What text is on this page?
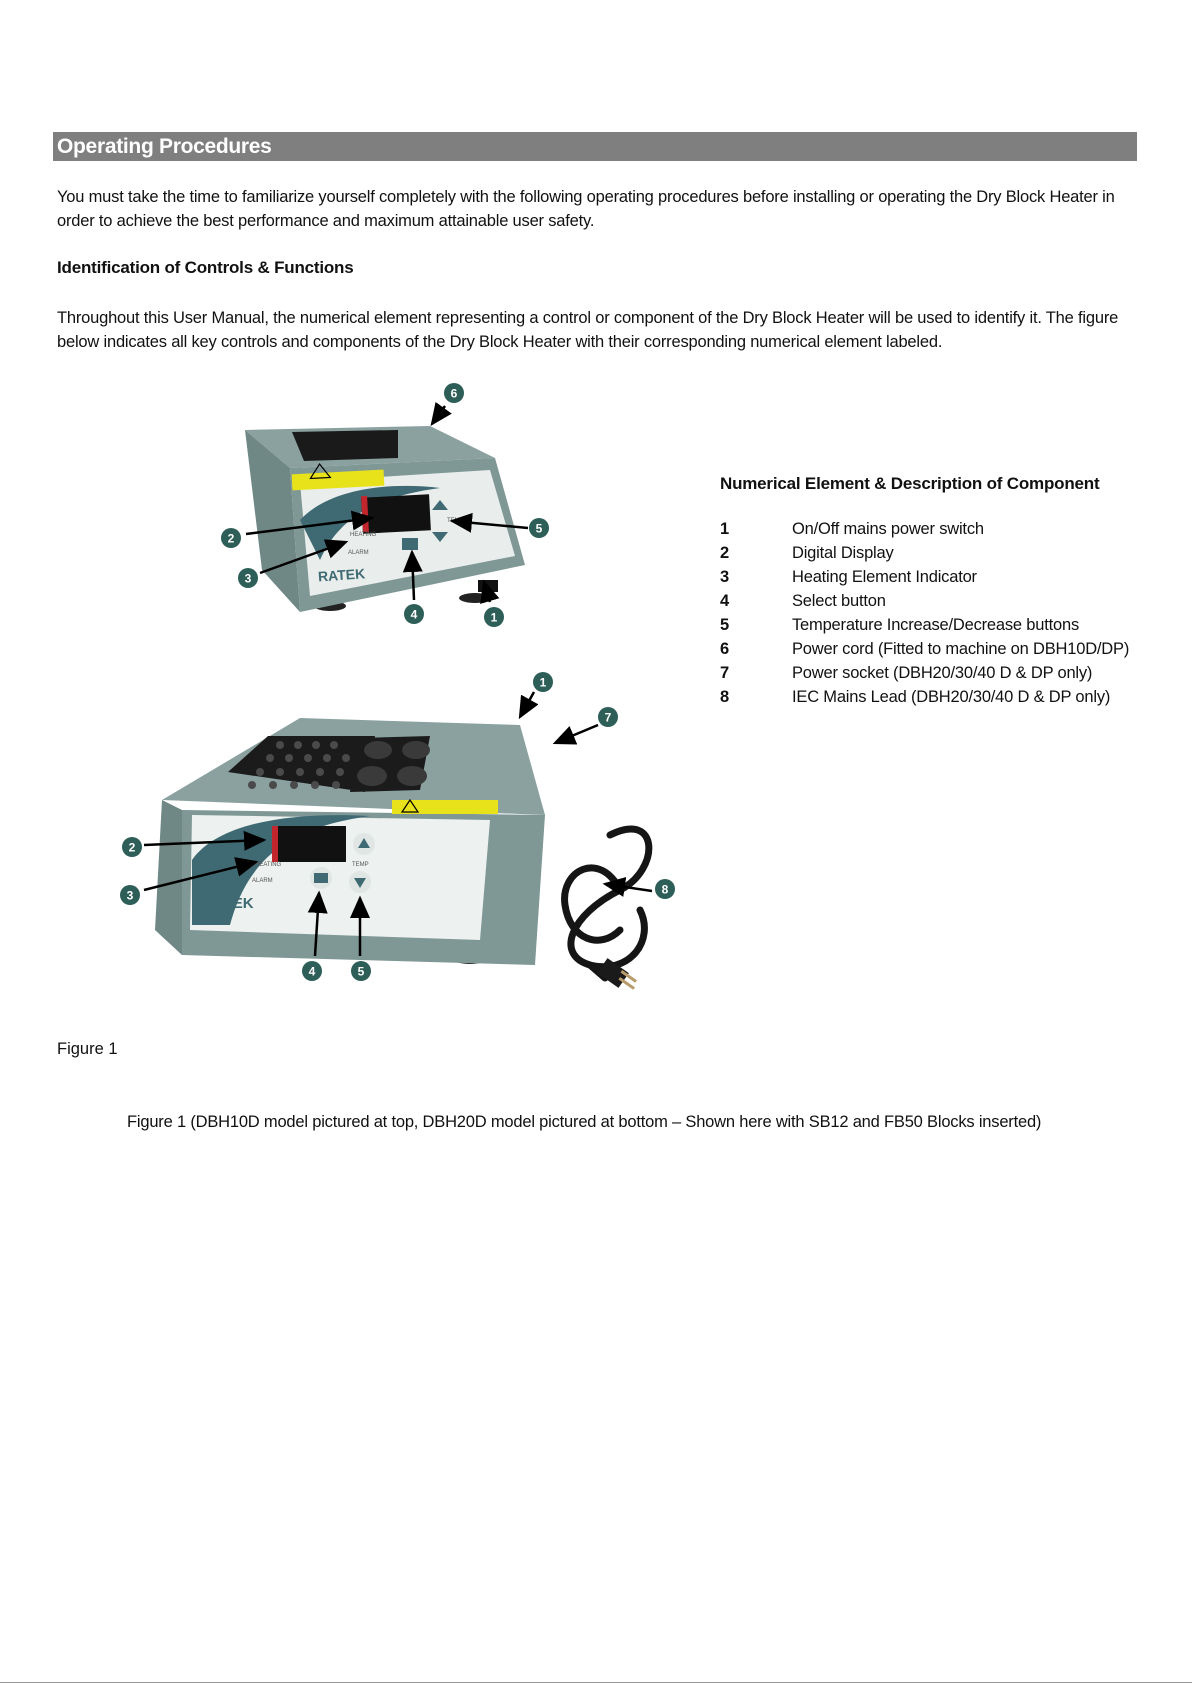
Operating Procedures
You must take the time to familiarize yourself completely with the following operating procedures before installing or operating the Dry Block Heater in order to achieve the best performance and maximum attainable user safety.
Identification of Controls & Functions
Throughout this User Manual, the numerical element representing a control or component of the Dry Block Heater will be used to identify it. The figure below indicates all key controls and components of the Dry Block Heater with their corresponding numerical element labeled.
HEATING
ALARM
TEMP
RATEK
HEATING
ALARM
TEMP
RATEK
6
2
5
3
4	1
1
7
2
3	8
4	5
Numerical Element & Description of Component
1	On/Off mains power switch
2	Digital Display
3	Heating Element Indicator
4	Select button
5	Temperature Increase/Decrease buttons
6	Power cord (Fitted to machine on DBH10D/DP)
7	Power socket (DBH20/30/40 D & DP only)
8	IEC Mains Lead (DBH20/30/40 D & DP only)
Figure 1
Figure 1 (DBH10D model pictured at top, DBH20D model pictured at bottom – Shown here with SB12 and FB50 Blocks inserted)
